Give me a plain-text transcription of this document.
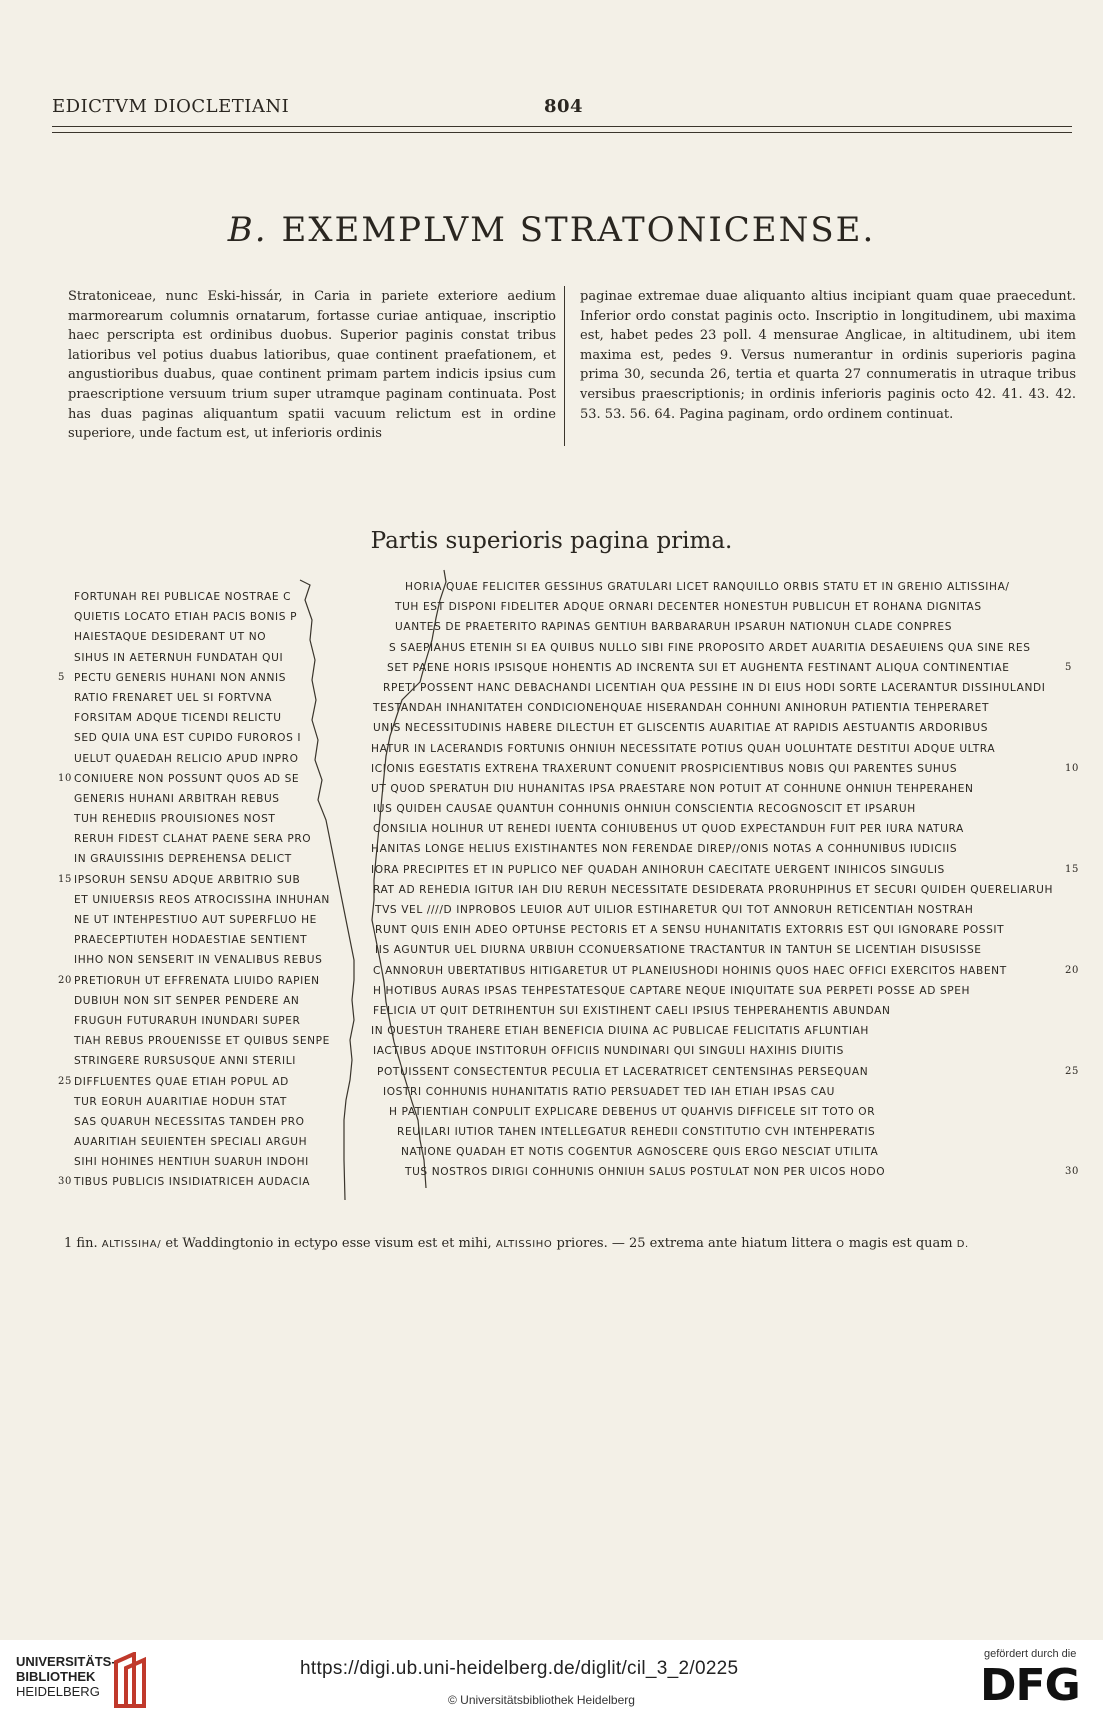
EDICTVM DIOCLETIANI	804
B. EXEMPLVM STRATONICENSE.
Stratoniceae, nunc Eski-hissár, in Caria in pariete exteriore aedium marmorearum columnis ornatarum, fortasse curiae antiquae, inscriptio haec perscripta est ordinibus duobus. Superior paginis constat tribus latioribus vel potius duabus latioribus, quae continent praefationem, et angustioribus duabus, quae continent primam partem indicis ipsius cum praescriptione versuum trium super utramque paginam continuata. Post has duas paginas aliquantum spatii vacuum relictum est in ordine superiore, unde factum est, ut inferioris ordinis
paginae extremae duae aliquanto altius incipiant quam quae praecedunt. Inferior ordo constat paginis octo. Inscriptio in longitudinem, ubi maxima est, habet pedes 23 poll. 4 mensurae Anglicae, in altitudinem, ubi item maxima est, pedes 9. Versus numerantur in ordinis superioris pagina prima 30, secunda 26, tertia et quarta 27 connumeratis in utraque tribus versibus praescriptionis; in ordinis inferioris paginis octo 42. 41. 43. 42. 53. 53. 56. 64. Pagina paginam, ordo ordinem continuat.
Partis superioris pagina prima.
FORTUNAH REI PUBLICAE NOSTRAE C
QUIETIS LOCATO ETIAH PACIS BONIS P
HAIESTAQUE DESIDERANT UT NO
SIHUS IN AETERNUH FUNDATAH QUI
5 PECTU GENERIS HUHANI NON ANNIS
RATIO FRENARET UEL SI FORTVNA
FORSITAM ADQUE TICENDI RELICTU
SED QUIA UNA EST CUPIDO FUROROS I
UELUT QUAEDAH RELICIO APUD INPRO
10 CONIUERE NON POSSUNT QUOS AD SE
GENERIS HUHANI ARBITRAH REBUS
TUH REHEDIIS PROUISIONES NOST
RERUH FIDEST CLAHAT PAENE SERA PRO
IN GRAUISSIHIS DEPREHENSA DELICT
15 IPSORUH SENSU ADQUE ARBITRIO SUB
ET UNIUERSIS REOS ATROCISSIHA INHUHAN
NE UT INTEHPESTIUO AUT SUPERFLUO HE
PRAECEPTIUTEH HODAESTIAE SENTIENT
IHHO NON SENSERIT IN VENALIBUS REBUS
20 PRETIORUH UT EFFRENATA LIUIDO RAPIEN
DUBIUH NON SIT SENPER PENDERE AN
FRUGUH FUTURARUH INUNDARI SUPER
TIAH REBUS PROUENISSE ET QUIBUS SENPE
STRINGERE RURSUSQUE ANNI STERILI
25 DIFFLUENTES QUAE ETIAH POPUL AD
TUR EORUH AUARITIAE HODUH STAT
SAS QUARUH NECESSITAS TANDEH PRO
AUARITIAH SEUIENTEH SPECIALI ARGUH
SIHI HOHINES HENTIUH SUARUH INDOHI
30 TIBUS PUBLICIS INSIDIATRICEH AUDACIA
HORIA QUAE FELICITER GESSIHUS GRATULARI LICET RANQUILLO ORBIS STATU ET IN GREHIO ALTISSIHA/
TUH EST DISPONI FIDELITER ADQUE ORNARI DECENTER HONESTUH PUBLICUH ET ROHANA DIGNITAS
UANTES DE PRAETERITO RAPINAS GENTIUH BARBARARUH IPSARUH NATIONUH CLADE CONPRES
S SAEPIAHUS ETENIH SI EA QUIBUS NULLO SIBI FINE PROPOSITO ARDET AUARITIA DESAEUIENS QUA SINE RES
5
SET PAENE HORIS IPSISQUE HOHENTIS AD INCRENTA SUI ET AUGHENTA FESTINANT ALIQUA CONTINENTIAE
RPETI POSSENT HANC DEBACHANDI LICENTIAH QUA PESSIHE IN DI EIUS HODI SORTE LACERANTUR DISSIHULANDI
TESTANDAH INHANITATEH CONDICIONEHQUAE HISERANDAH COHHUNI ANIHORUH PATIENTIA TEHPERARET
UNIS NECESSITUDINIS HABERE DILECTUH ET GLISCENTIS AUARITIAE AT RAPIDIS AESTUANTIS ARDORIBUS
HATUR IN LACERANDIS FORTUNIS OHNIUH NECESSITATE POTIUS QUAH UOLUHTATE DESTITUI ADQUE ULTRA
10
ICIONIS EGESTATIS EXTREHA TRAXERUNT CONUENIT PROSPICIENTIBUS NOBIS QUI PARENTES SUHUS
UT QUOD SPERATUH DIU HUHANITAS IPSA PRAESTARE NON POTUIT AT COHHUNE OHNIUH TEHPERAHEN
IUS QUIDEH CAUSAE QUANTUH COHHUNIS OHNIUH CONSCIENTIA RECOGNOSCIT ET IPSARUH
CONSILIA HOLIHUR UT REHEDI IUENTA COHIUBEHUS UT QUOD EXPECTANDUH FUIT PER IURA NATURA
HANITAS LONGE HELIUS EXISTIHANTES NON FERENDAE DIREP//ONIS NOTAS A COHHUNIBUS IUDICIIS
15
IORA PRECIPITES ET IN PUPLICO NEF QUADAH ANIHORUH CAECITATE UERGENT INIHICOS SINGULIS
RAT AD REHEDIA IGITUR IAH DIU RERUH NECESSITATE DESIDERATA PRORUHPIHUS ET SECURI QUIDEH QUERELIARUH
TVS VEL ////D INPROBOS LEUIOR AUT UILIOR ESTIHARETUR QUI TOT ANNORUH RETICENTIAH NOSTRAH
RUNT QUIS ENIH ADEO OPTUHSE PECTORIS ET A SENSU HUHANITATIS EXTORRIS EST QUI IGNORARE POSSIT
IIS AGUNTUR UEL DIURNA URBIUH CCONUERSATIONE TRACTANTUR IN TANTUH SE LICENTIAH DISUSISSE
20
C ANNORUH UBERTATIBUS HITIGARETUR UT PLANEIUSHODI HOHINIS QUOS HAEC OFFICI EXERCITOS HABENT
H HOTIBUS AURAS IPSAS TEHPESTATESQUE CAPTARE NEQUE INIQUITATE SUA PERPETI POSSE AD SPEH
FELICIA UT QUIT DETRIHENTUH SUI EXISTIHENT CAELI IPSIUS TEHPERAHENTIS ABUNDAN
IN QUESTUH TRAHERE ETIAH BENEFICIA DIUINA AC PUBLICAE FELICITATIS AFLUNTIAH
IACTIBUS ADQUE INSTITORUH OFFICIIS NUNDINARI QUI SINGULI HAXIHIS DIUITIS
25
POTUISSENT CONSECTENTUR PECULIA ET LACERATRICET CENTENSIHAS PERSEQUAN
IOSTRI COHHUNIS HUHANITATIS RATIO PERSUADET TED IAH ETIAH IPSAS CAU
H PATIENTIAH CONPULIT EXPLICARE DEBEHUS UT QUAHVIS DIFFICELE SIT TOTO OR
REUILARI IUTIOR TAHEN INTELLEGATUR REHEDII CONSTITUTIO CVH INTEHPERATIS
NATIONE QUADAH ET NOTIS COGENTUR AGNOSCERE QUIS ERGO NESCIAT UTILITA
30
TUS NOSTROS DIRIGI COHHUNIS OHNIUH SALUS POSTULAT NON PER UICOS HODO
1 fin. ALTISSIHA/ et Waddingtonio in ectypo esse visum est et mihi, ALTISSIHO priores. — 25 extrema ante hiatum littera O magis est quam D.
UNIVERSITÄTS-
BIBLIOTHEK
HEIDELBERG
https://digi.ub.uni-heidelberg.de/diglit/cil_3_2/0225
© Universitätsbibliothek Heidelberg
gefördert durch die
DFG
